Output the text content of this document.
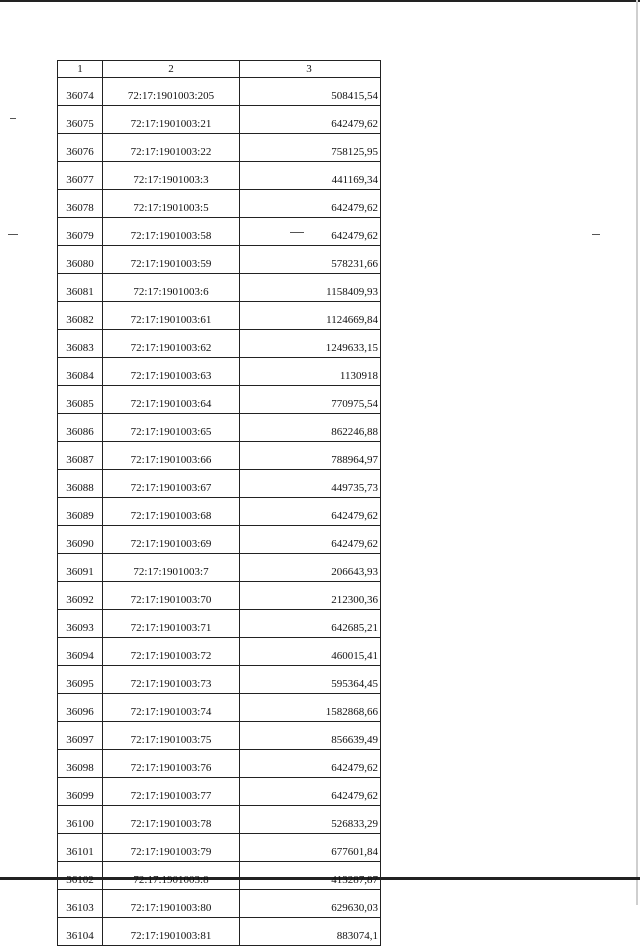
1	2	3
36074	72:17:1901003:205	508415,54
36075	72:17:1901003:21	642479,62
36076	72:17:1901003:22	758125,95
36077	72:17:1901003:3	441169,34
36078	72:17:1901003:5	642479,62
36079	72:17:1901003:58	642479,62
36080	72:17:1901003:59	578231,66
36081	72:17:1901003:6	1158409,93
36082	72:17:1901003:61	1124669,84
36083	72:17:1901003:62	1249633,15
36084	72:17:1901003:63	1130918
36085	72:17:1901003:64	770975,54
36086	72:17:1901003:65	862246,88
36087	72:17:1901003:66	788964,97
36088	72:17:1901003:67	449735,73
36089	72:17:1901003:68	642479,62
36090	72:17:1901003:69	642479,62
36091	72:17:1901003:7	206643,93
36092	72:17:1901003:70	212300,36
36093	72:17:1901003:71	642685,21
36094	72:17:1901003:72	460015,41
36095	72:17:1901003:73	595364,45
36096	72:17:1901003:74	1582868,66
36097	72:17:1901003:75	856639,49
36098	72:17:1901003:76	642479,62
36099	72:17:1901003:77	642479,62
36100	72:17:1901003:78	526833,29
36101	72:17:1901003:79	677601,84
36102	72:17:1901003:8	413287,87
36103	72:17:1901003:80	629630,03
36104	72:17:1901003:81	883074,1
